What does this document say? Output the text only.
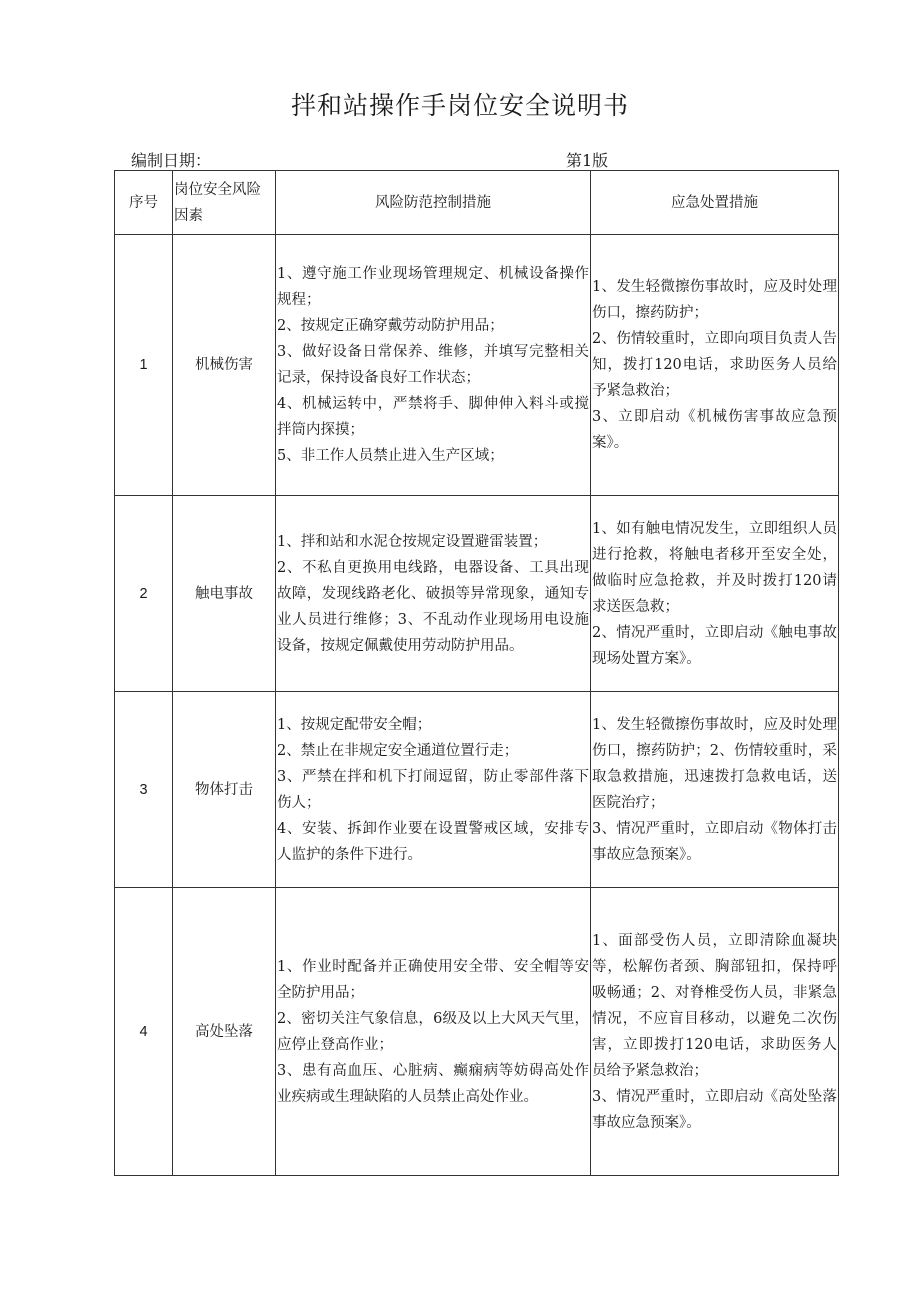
拌和站操作手岗位安全说明书
编制日期：	第1版
序号	岗位安全风险因素	风险防范控制措施	应急处置措施
1	机械伤害	1、遵守施工作业现场管理规定、机械设备操作规程；
2、按规定正确穿戴劳动防护用品；
3、做好设备日常保养、维修，并填写完整相关记录，保持设备良好工作状态；
4、机械运转中，严禁将手、脚伸伸入料斗或搅拌筒内探摸；
5、非工作人员禁止进入生产区域；	1、发生轻微擦伤事故时，应及时处理伤口，擦药防护；
2、伤情较重时，立即向项目负责人告知，拨打120电话，求助医务人员给予紧急救治；
3、立即启动《机械伤害事故应急预案》。

2	触电事故	1、拌和站和水泥仓按规定设置避雷装置；
2、不私自更换用电线路，电器设备、工具出现故障，发现线路老化、破损等异常现象，通知专业人员进行维修；3、不乱动作业现场用电设施设备，按规定佩戴使用劳动防护用品。	1、如有触电情况发生，立即组织人员进行抢救，将触电者移开至安全处，做临时应急抢救，并及时拨打120请求送医急救；
2、情况严重时，立即启动《触电事故现场处置方案》。

3	物体打击	1、按规定配带安全帽；
2、禁止在非规定安全通道位置行走；
3、严禁在拌和机下打闹逗留，防止零部件落下伤人；
4、安装、拆卸作业要在设置警戒区域，安排专人监护的条件下进行。	1、发生轻微擦伤事故时，应及时处理伤口，擦药防护；2、伤情较重时，采取急救措施，迅速拨打急救电话，送医院治疗；
3、情况严重时，立即启动《物体打击事故应急预案》。

4	高处坠落	1、作业时配备并正确使用安全带、安全帽等安全防护用品；
2、密切关注气象信息，6级及以上大风天气里，应停止登高作业；
3、患有高血压、心脏病、癫痫病等妨碍高处作业疾病或生理缺陷的人员禁止高处作业。	1、面部受伤人员，立即清除血凝块等，松解伤者颈、胸部钮扣，保持呼吸畅通；2、对脊椎受伤人员，非紧急情况，不应盲目移动，以避免二次伤害，立即拨打120电话，求助医务人员给予紧急救治；
3、情况严重时，立即启动《高处坠落事故应急预案》。
